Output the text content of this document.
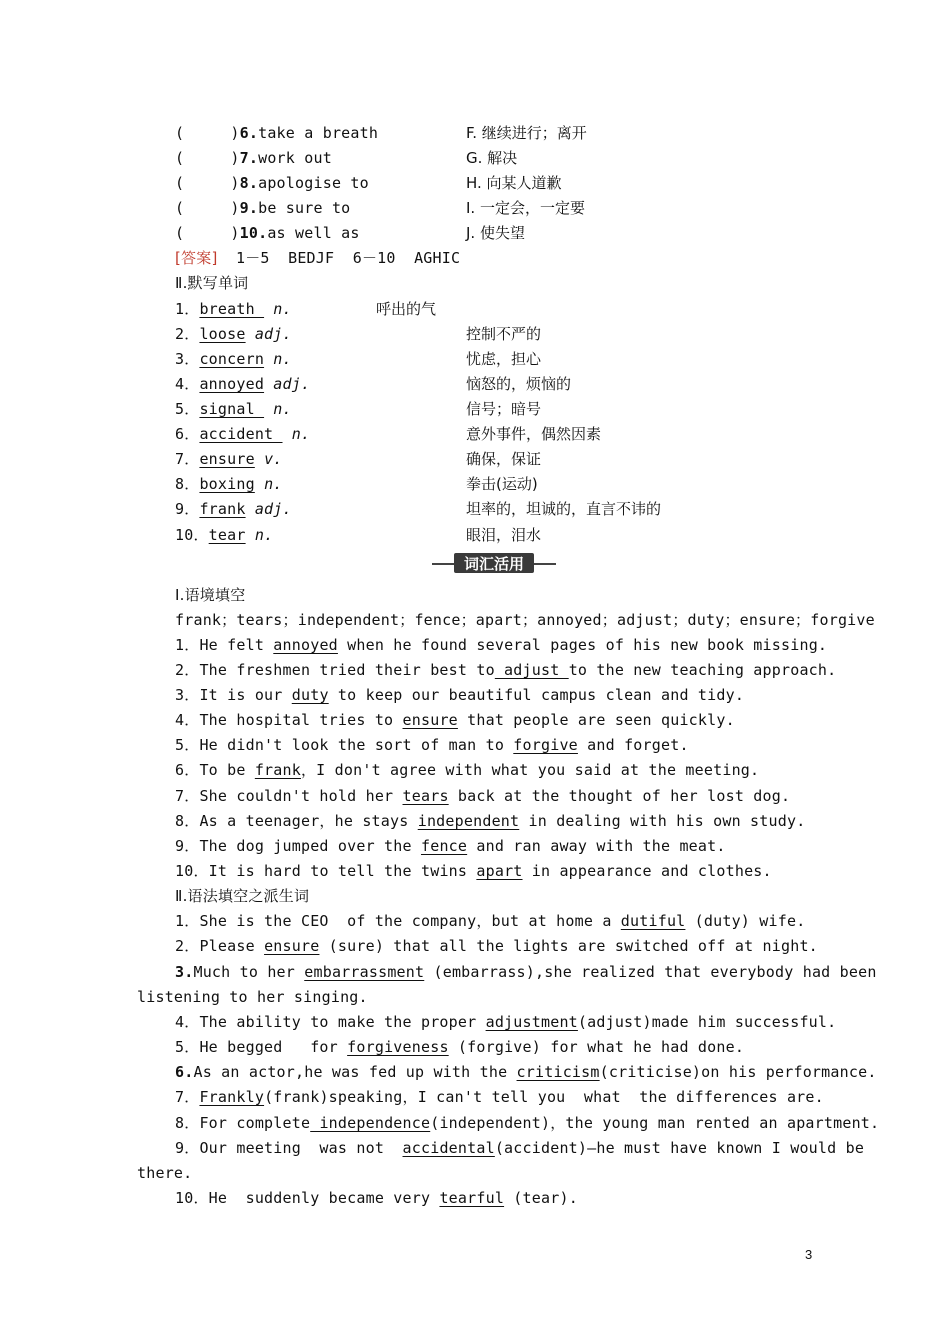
(     )6.take a breath	F. 继续进行；离开
(     )7.work out	G. 解决
(     )8.apologise to	H. 向某人道歉
(     )9.be sure to	I. 一定会，一定要
(     )10.as well as	J. 使失望
[答案]  1－5  BEDJF  6－10  AGHIC
Ⅱ.默写单词
1．breath  n.	呼出的气
2．loose adj.	控制不严的
3．concern n.	忧虑，担心
4．annoyed adj.	恼怒的，烦恼的
5．signal  n.	信号；暗号
6．accident  n.	意外事件，偶然因素
7．ensure v.	确保，保证
8．boxing n.	拳击(运动)
9．frank adj.	坦率的，坦诚的，直言不讳的
10．tear n.	眼泪，泪水
词汇活用
Ⅰ.语境填空
frank；tears；independent；fence；apart；annoyed；adjust；duty；ensure；forgive
1．He felt annoyed when he found several pages of his new book missing.
2．The freshmen tried their best to adjust to the new teaching approach.
3．It is our duty to keep our beautiful campus clean and tidy.
4．The hospital tries to ensure that people are seen quickly.
5．He didn't look the sort of man to forgive and forget.
6．To be frank，I don't agree with what you said at the meeting.
7．She couldn't hold her tears back at the thought of her lost dog.
8．As a teenager，he stays independent in dealing with his own study.
9．The dog jumped over the fence and ran away with the meat.
10．It is hard to tell the twins apart in appearance and clothes.
Ⅱ.语法填空之派生词
1．She is the CEO  of the company，but at home a dutiful (duty) wife.
2．Please ensure (sure) that all the lights are switched off at night.
3.Much to her embarrassment (embarrass),she realized that everybody had been
listening to her singing.
4．The ability to make the proper adjustment(adjust)made him successful.
5．He begged   for forgiveness (forgive) for what he had done.
6.As an actor,he was fed up with the criticism(criticise)on his performance.
7．Frankly(frank)speaking，I can't tell you  what  the differences are.
8．For complete independence(independent)，the young man rented an apartment.
9．Our meeting  was not  accidental(accident)—he must have known I would be
there.
10．He  suddenly became very tearful (tear).
3
